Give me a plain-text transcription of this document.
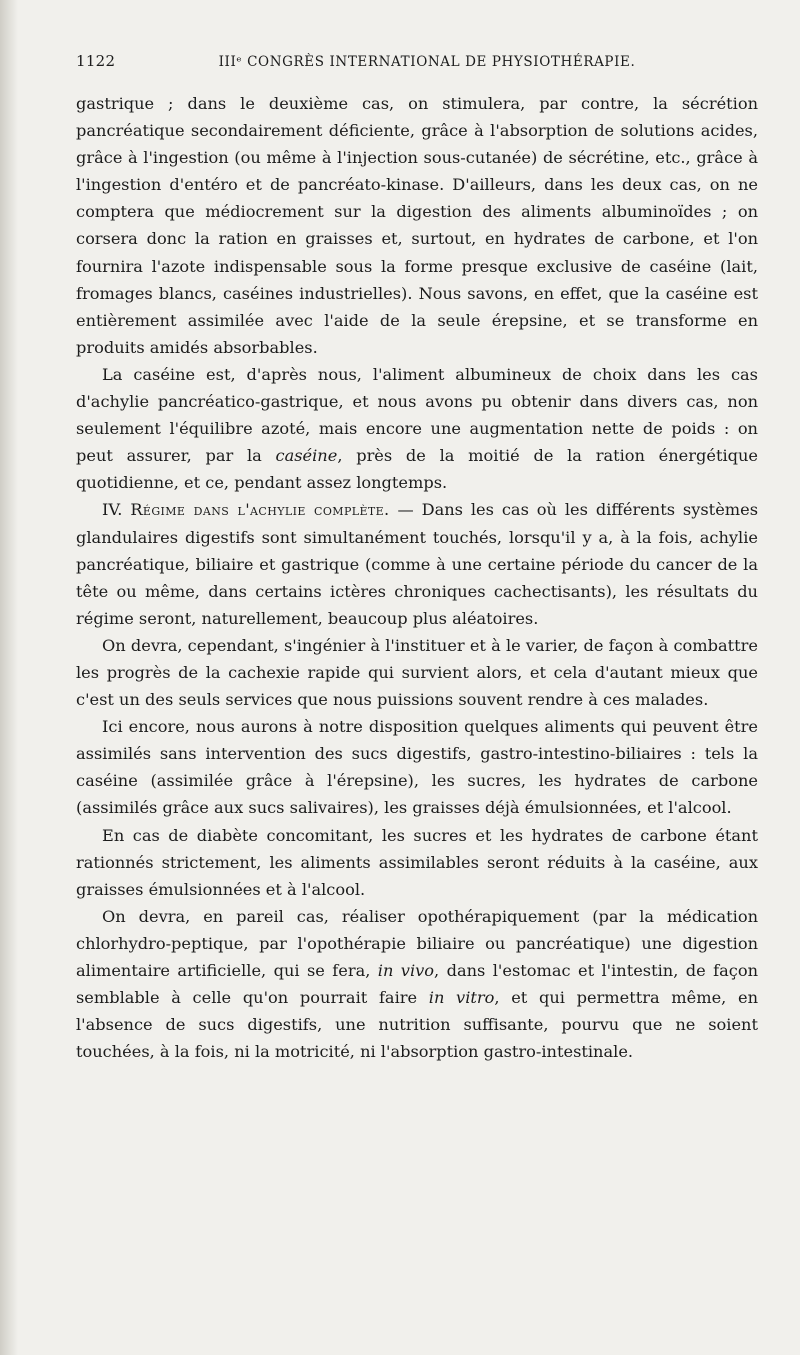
1122	IIIᵉ CONGRÈS INTERNATIONAL DE PHYSIOTHÉRAPIE.

gastrique ; dans le deuxième cas, on stimulera, par contre, la sécrétion pancréatique secondairement déficiente, grâce à l'absorption de solutions acides, grâce à l'ingestion (ou même à l'injection sous-cutanée) de sécrétine, etc., grâce à l'ingestion d'entéro et de pancréato-kinase. D'ailleurs, dans les deux cas, on ne comptera que médiocrement sur la digestion des aliments albuminoïdes ; on corsera donc la ration en graisses et, surtout, en hydrates de carbone, et l'on fournira l'azote indispensable sous la forme presque exclusive de caséine (lait, fromages blancs, caséines industrielles). Nous savons, en effet, que la caséine est entièrement assimilée avec l'aide de la seule érepsine, et se transforme en produits amidés absorbables.

La caséine est, d'après nous, l'aliment albumineux de choix dans les cas d'achylie pancréatico-gastrique, et nous avons pu obtenir dans divers cas, non seulement l'équilibre azoté, mais encore une augmentation nette de poids : on peut assurer, par la caséine, près de la moitié de la ration énergétique quotidienne, et ce, pendant assez longtemps.

IV. Régime dans l'achylie complète. — Dans les cas où les différents systèmes glandulaires digestifs sont simultanément touchés, lorsqu'il y a, à la fois, achylie pancréatique, biliaire et gastrique (comme à une certaine période du cancer de la tête ou même, dans certains ictères chroniques cachectisants), les résultats du régime seront, naturellement, beaucoup plus aléatoires.

On devra, cependant, s'ingénier à l'instituer et à le varier, de façon à combattre les progrès de la cachexie rapide qui survient alors, et cela d'autant mieux que c'est un des seuls services que nous puissions souvent rendre à ces malades.

Ici encore, nous aurons à notre disposition quelques aliments qui peuvent être assimilés sans intervention des sucs digestifs, gastro-intestino-biliaires : tels la caséine (assimilée grâce à l'érepsine), les sucres, les hydrates de carbone (assimilés grâce aux sucs salivaires), les graisses déjà émulsionnées, et l'alcool.

En cas de diabète concomitant, les sucres et les hydrates de carbone étant rationnés strictement, les aliments assimilables seront réduits à la caséine, aux graisses émulsionnées et à l'alcool.

On devra, en pareil cas, réaliser opothérapiquement (par la médication chlorhydro-peptique, par l'opothérapie biliaire ou pancréatique) une digestion alimentaire artificielle, qui se fera, in vivo, dans l'estomac et l'intestin, de façon semblable à celle qu'on pourrait faire in vitro, et qui permettra même, en l'absence de sucs digestifs, une nutrition suffisante, pourvu que ne soient touchées, à la fois, ni la motricité, ni l'absorption gastro-intestinale.
